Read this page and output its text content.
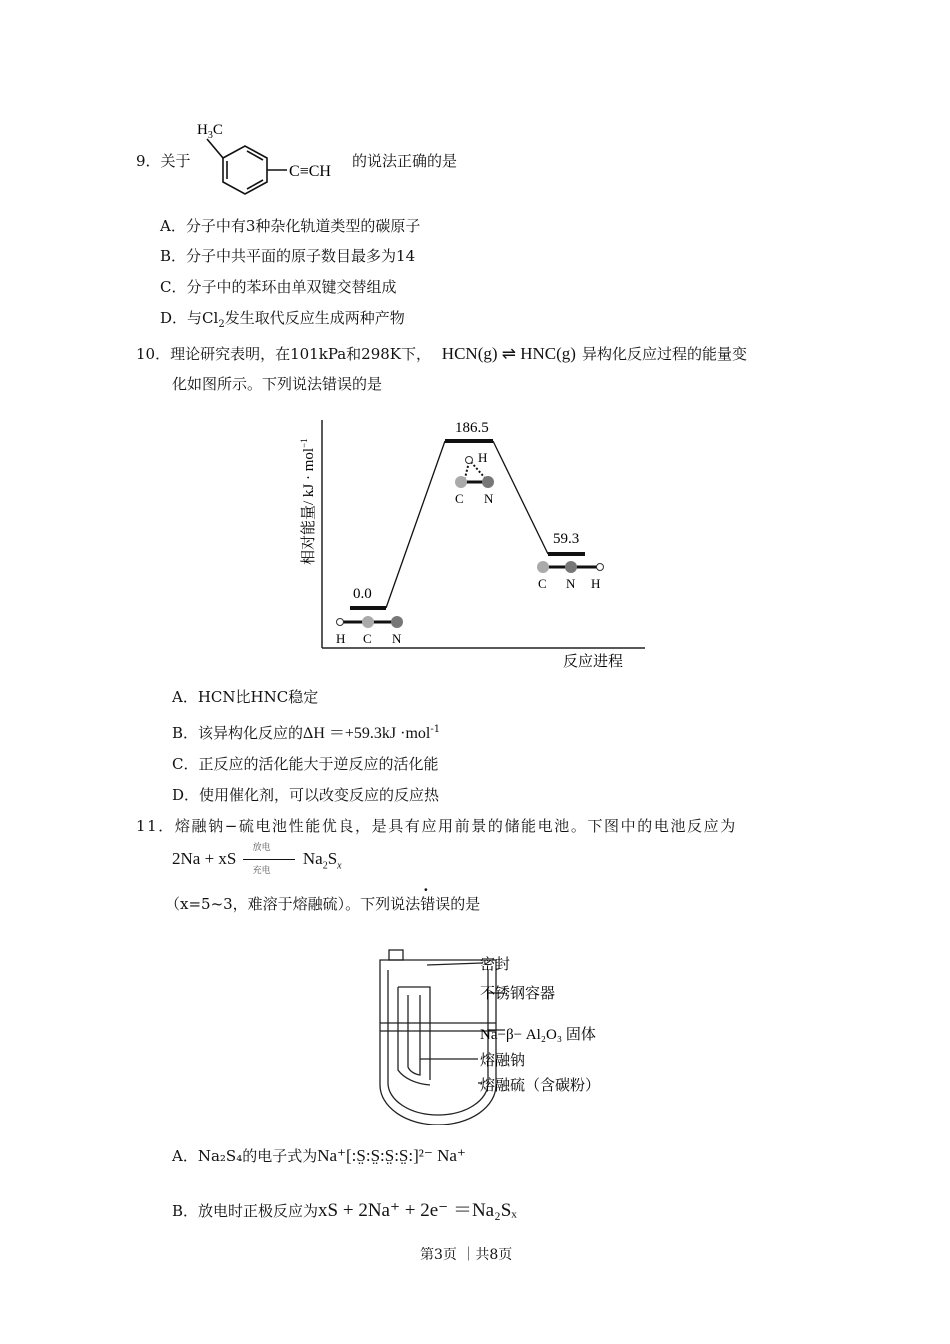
9．关于
$H_3C$
C≡CH
的说法正确的是
A．分子中有3种杂化轨道类型的碳原子
B．分子中共平面的原子数目最多为14
C．分子中的苯环由单双键交替组成
D．与$Cl_2$发生取代反应生成两种产物
10．理论研究表明，在101kPa和298K下， HCN(g) ⇌ HNC(g) 异构化反应过程的能量变
化如图所示。下列说法错误的是
相对能量/ kJ · mol$^{-1}$
反应进程
0.0
186.5
59.3
H C N
H
C N
C N H
A．HCN比HNC稳定
B．该异构化反应的ΔH ＝+59.3kJ ·mol$^{-1}$
C．正反应的活化能大于逆反应的活化能
D．使用催化剂，可以改变反应的反应热
11．熔融钠−硫电池性能优良，是具有应用前景的储能电池。下图中的电池反应为
2Na + xS
放电
充电
$Na_2S_x$
（x=5~3，难溶于熔融硫）。下列说法错误的是
密封
不锈钢容器
Na−β− Al₂O₃ 固体
熔融钠
熔融硫（含碳粉）
A．Na₂S₄的电子式为Na⁺[:S̤:S̤:S̤:S̤:]²⁻ Na⁺
B．放电时正极反应为xS + 2Na⁺ + 2e⁻ ＝Na₂Sₓ
第3页 ｜共8页
